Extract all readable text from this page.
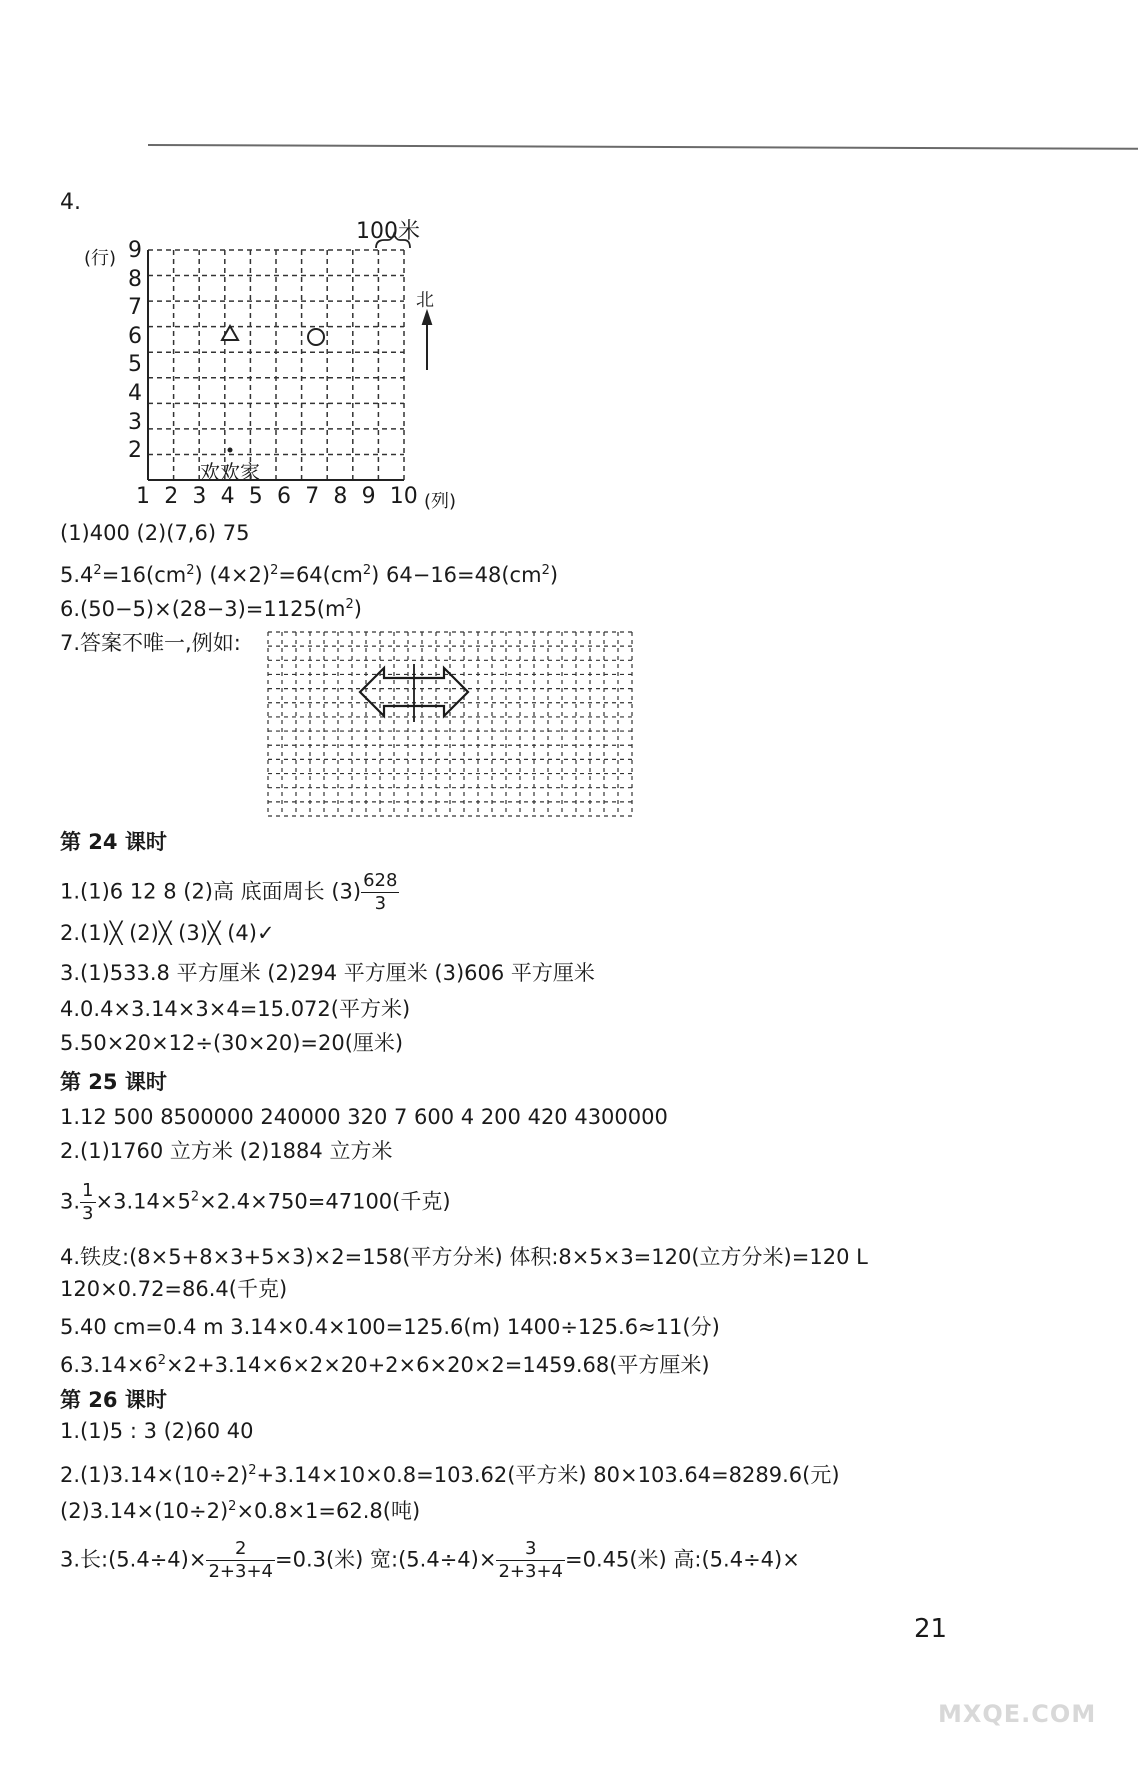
4.
(行)
100米
(列)
北
欢欢家
9
8
7
6
5
4
3
2
1 2 3 4 5 6 7 8 9 10
(1)400 (2)(7,6) 75
$5.4^2=16(cm^2)$ $(4\times 2)^2=64(cm^2)$ $64-16=48(cm^2)$
$6.(50-5)\times(28-3)=1125(m^2)$
7.答案不唯一,例如:
第 24 课时
1.(1)6 12 8 (2)高 底面周长 $(3) \frac{628}{3}$
2.(1)╳ (2)╳ (3)╳ (4)✓
3.(1)533.8 平方厘米 (2)294 平方厘米 (3)606 平方厘米
4.0.4×3.14×3×4=15.072(平方米)
5.50×20×12÷(30×20)=20(厘米)
第 25 课时
1.12 500 8500000 240000 320 7 600 4 200 420 4300000
2.(1)1760 立方米 (2)1884 立方米
3. $\frac{1}{3} \times 3.14\times 5^2\times 2.4\times 750=47100$(千克)
4.铁皮:(8×5+8×3+5×3)×2=158(平方分米) 体积:8×5×3=120(立方分米)=120 L
120×0.72=86.4(千克)
5.40 cm=0.4 m 3.14×0.4×100=125.6(m) 1400÷125.6≈11(分)
$6.3.14\times 6^2\times 2+3.14\times 6\times 2\times 20+2\times 6\times 20\times 2=1459.68$(平方厘米)
第 26 课时
1.(1)5 : 3 (2)60 40
$2.(1)3.14\times(10\div 2)^2+3.14\times 10\times 0.8=103.62$(平方米) 80×103.64=8289.6(元)
$(2)3.14\times(10\div 2)^2\times 0.8\times 1=62.8$(吨)
3.长:(5.4÷4)× $\frac{2}{2+3+4} =0.3$(米) 宽:(5.4÷4)× $\frac{3}{2+3+4} =0.45$(米) 高:(5.4÷4)×
21
MXQE.COM
